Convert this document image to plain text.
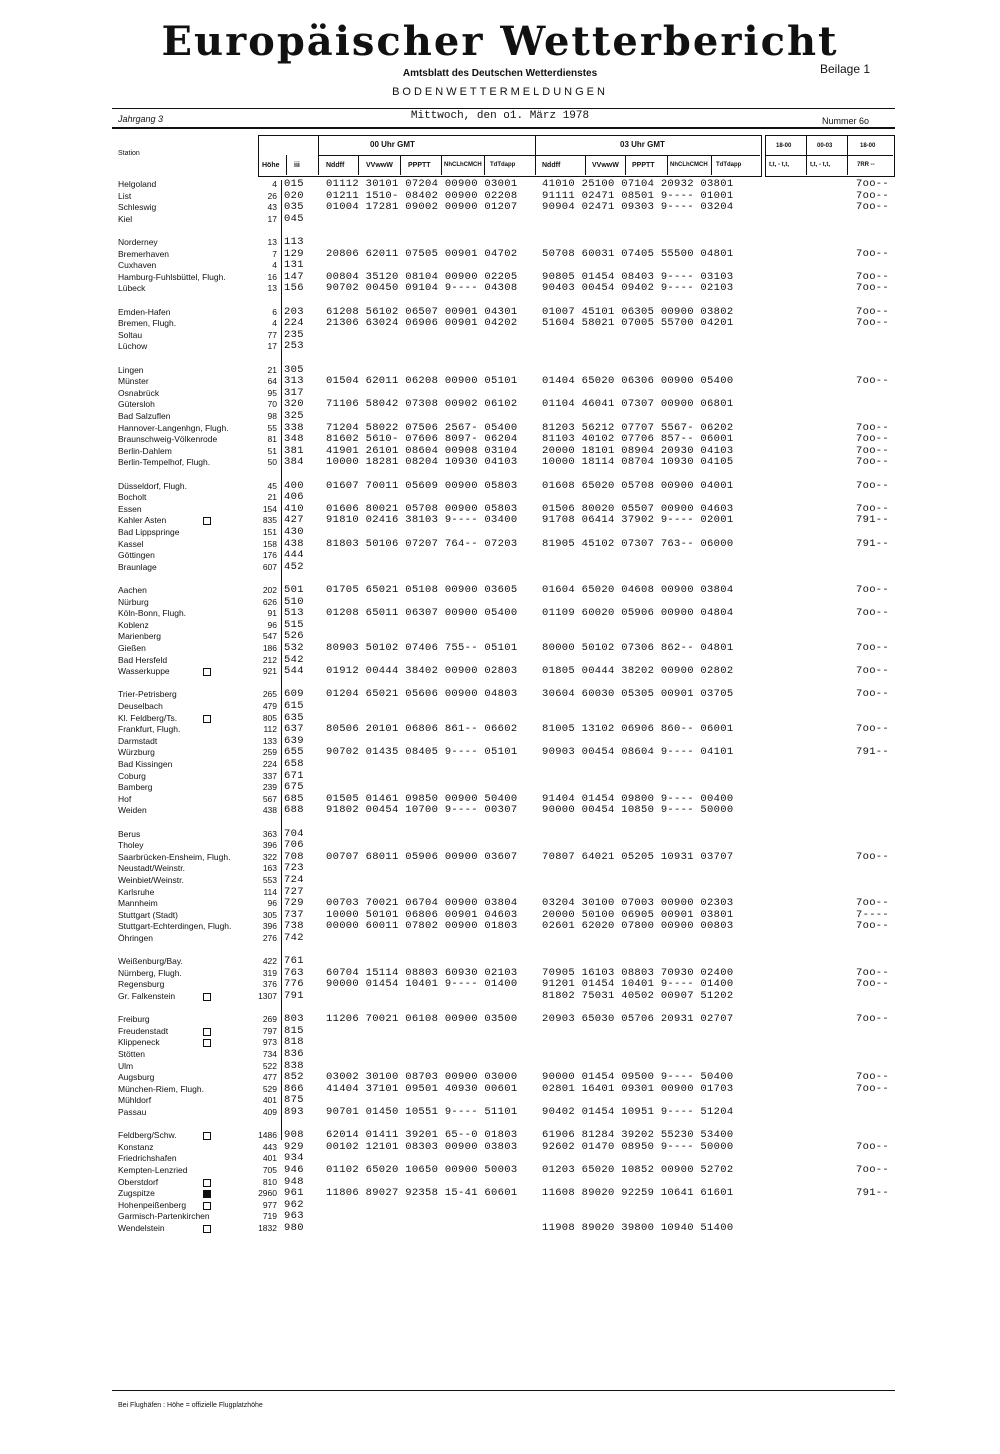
Europäischer Wetterbericht
Amtsblatt des Deutschen Wetterdienstes	Beilage 1
BODENWETTERMELDUNGEN
Jahrgang 3	Mittwoch, den o1. März 1978	Nummer 6o
Station
Höhe iii
00 Uhr GMT	03 Uhr GMT
Nddff	VVwwW PPPTT NhCLhCMCH TdTdapp	Nddff	VVwwW PPPTT	NhCLhCMCH TdTdapp
18-00	00-03	18-00
t,t, - t,t,	t,t, - t,t,	7RR --
Helgoland	4 015 01112 30101 07204 00900 03001 41010 25100 07104 20932 03801	7oo--
List	26 020 01211 1510- 08402 00900 02208 91111 02471 08501 9---- 01001	7oo--
Schleswig	43 035 01004 17281 09002 00900 01207 90904 02471 09303 9---- 03204	7oo--
Kiel	17 045
Norderney	13 113
Bremerhaven	7 129 20806 62011 07505 00901 04702 50708 60031 07405 55500 04801	7oo--
Cuxhaven	4 131
Hamburg-Fuhlsbüttel, Flugh.	16 147 00804 35120 08104 00900 02205 90805 01454 08403 9---- 03103	7oo--
Lübeck	13 156 90702 00450 09104 9---- 04308 90403 00454 09402 9---- 02103	7oo--
Emden-Hafen	6 203 61208 56102 06507 00901 04301 01007 45101 06305 00900 03802	7oo--
Bremen, Flugh.	4 224 21306 63024 06906 00901 04202 51604 58021 07005 55700 04201	7oo--
Soltau	77 235
Lüchow	17 253
Lingen	21 305
Münster	64 313 01504 62011 06208 00900 05101 01404 65020 06306 00900 05400	7oo--
Osnabrück	95 317
Gütersloh	70 320 71106 58042 07308 00902 06102 01104 46041 07307 00900 06801
Bad Salzuflen	98 325
Hannover-Langenhgn, Flugh.	55 338 71204 58022 07506 2567- 05400 81203 56212 07707 5567- 06202	7oo--
Braunschweig-Völkenrode	81 348 81602 5610- 07606 8097- 06204 81103 40102 07706 857-- 06001	7oo--
Berlin-Dahlem	51 381 41901 26101 08604 00908 03104 20000 18101 08904 20930 04103	7oo--
Berlin-Tempelhof, Flugh.	50 384 10000 18281 08204 10930 04103 10000 18114 08704 10930 04105	7oo--
Düsseldorf, Flugh.	45 400 01607 70011 05609 00900 05803 01608 65020 05708 00900 04001	7oo--
Bocholt	21 406
Essen	154 410 01606 80021 05708 00900 05803 01506 80020 05507 00900 04603	7oo--
Kahler Asten	835 427 91810 02416 38103 9---- 03400 91708 06414 37902 9---- 02001	791--
Bad Lippspringe	151 430
Kassel	158 438 81803 50106 07207 764-- 07203 81905 45102 07307 763-- 06000	791--
Göttingen	176 444
Braunlage	607 452
Aachen	202 501 01705 65021 05108 00900 03605 01604 65020 04608 00900 03804	7oo--
Nürburg	626 510
Köln-Bonn, Flugh.	91 513 01208 65011 06307 00900 05400 01109 60020 05906 00900 04804	7oo--
Koblenz	96 515
Marienberg	547 526
Gießen	186 532 80903 50102 07406 755-- 05101 80000 50102 07306 862-- 04801	7oo--
Bad Hersfeld	212 542
Wasserkuppe	921 544 01912 00444 38402 00900 02803 01805 00444 38202 00900 02802	7oo--
Trier-Petrisberg	265 609 01204 65021 05606 00900 04803 30604 60030 05305 00901 03705	7oo--
Deuselbach	479 615
Kl. Feldberg/Ts.	805 635
Frankfurt, Flugh.	112 637 80506 20101 06806 861-- 06602 81005 13102 06906 860-- 06001	7oo--
Darmstadt	133 639
Würzburg	259 655 90702 01435 08405 9---- 05101 90903 00454 08604 9---- 04101	791--
Bad Kissingen	224 658
Coburg	337 671
Bamberg	239 675
Hof	567 685 01505 01461 09850 00900 50400 91404 01454 09800 9---- 00400
Weiden	438 688 91802 00454 10700 9---- 00307 90000 00454 10850 9---- 50000
Berus	363 704
Tholey	396 706
Saarbrücken-Ensheim, Flugh.	322 708 00707 68011 05906 00900 03607 70807 64021 05205 10931 03707	7oo--
Neustadt/Weinstr.	163 723
Weinbiet/Weinstr.	553 724
Karlsruhe	114 727
Mannheim	96 729 00703 70021 06704 00900 03804 03204 30100 07003 00900 02303	7oo--
Stuttgart (Stadt)	305 737 10000 50101 06806 00901 04603 20000 50100 06905 00901 03801	7----
Stuttgart-Echterdingen, Flugh.	396 738 00000 60011 07802 00900 01803 02601 62020 07800 00900 00803	7oo--
Öhringen	276 742
Weißenburg/Bay.	422 761
Nürnberg, Flugh.	319 763 60704 15114 08803 60930 02103 70905 16103 08803 70930 02400	7oo--
Regensburg	376 776 90000 01454 10401 9---- 01400 91201 01454 10401 9---- 01400	7oo--
Gr. Falkenstein	1307 791	81802 75031 40502 00907 51202
Freiburg	269 803 11206 70021 06108 00900 03500 20903 65030 05706 20931 02707	7oo--
Freudenstadt	797 815
Klippeneck	973 818
Stötten	734 836
Ulm	522 838
Augsburg	477 852 03002 30100 08703 00900 03000 90000 01454 09500 9---- 50400	7oo--
München-Riem, Flugh.	529 866 41404 37101 09501 40930 00601 02801 16401 09301 00900 01703	7oo--
Mühldorf	401 875
Passau	409 893 90701 01450 10551 9---- 51101 90402 01454 10951 9---- 51204
Feldberg/Schw.	1486 908 62014 01411 39201 65--0 01803 61906 81284 39202 55230 53400
Konstanz	443 929 00102 12101 08303 00900 03803 92602 01470 08950 9---- 50000	7oo--
Friedrichshafen	401 934
Kempten-Lenzried	705 946 01102 65020 10650 00900 50003 01203 65020 10852 00900 52702	7oo--
Oberstdorf	810 948
Zugspitze	2960 961 11806 89027 92358 15-41 60601 11608 89020 92259 10641 61601	791--
Hohenpeißenberg	977 962
Garmisch-Partenkirchen	719 963
Wendelstein	1832 980	11908 89020 39800 10940 51400
Bei Flughäfen : Höhe = offizielle Flugplatzhöhe
